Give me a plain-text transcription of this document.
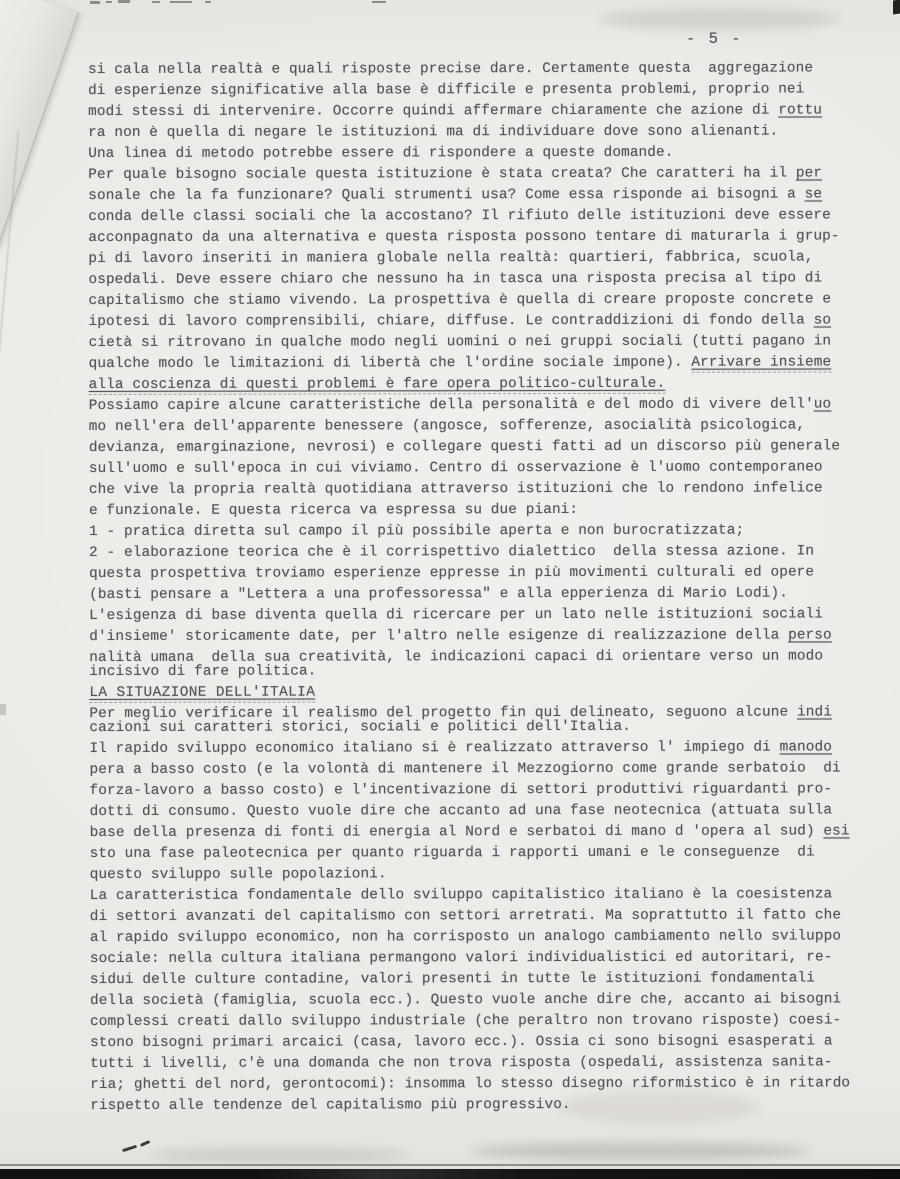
- 5 -
si cala nella realtà e quali risposte precise dare. Certamente questa  aggregazione
di esperienze significative alla base è difficile e presenta problemi, proprio nei
modi stessi di intervenire. Occorre quindi affermare chiaramente che azione di rottu
ra non è quella di negare le istituzioni ma di individuare dove sono alienanti.
Una linea di metodo potrebbe essere di rispondere a queste domande.
Per quale bisogno sociale questa istituzione è stata creata? Che caratteri ha il per
sonale che la fa funzionare? Quali strumenti usa? Come essa risponde ai bisogni a se
conda delle classi sociali che la accostano? Il rifiuto delle istituzioni deve essere
acconpagnato da una alternativa e questa risposta possono tentare di maturarla i grup-
pi di lavoro inseriti in maniera globale nella realtà: quartieri, fabbrica, scuola,
ospedali. Deve essere chiaro che nessuno ha in tasca una risposta precisa al tipo di
capitalismo che stiamo vivendo. La prospettiva è quella di creare proposte concrete e
ipotesi di lavoro comprensibili, chiare, diffuse. Le contraddizioni di fondo della so
cietà si ritrovano in qualche modo negli uomini o nei gruppi sociali (tutti pagano in
qualche modo le limitazioni di libertà che l'ordine sociale impone). Arrivare insieme
alla coscienza di questi problemi è fare opera politico-culturale.
Possiamo capire alcune caratteristiche della personalità e del modo di vivere dell'uo
mo nell'era dell'apparente benessere (angosce, sofferenze, asocialità psicologica,
devianza, emarginazione, nevrosi) e collegare questi fatti ad un discorso più generale
sull'uomo e sull'epoca in cui viviamo. Centro di osservazione è l'uomo contemporaneo
che vive la propria realtà quotidiana attraverso istituzioni che lo rendono infelice
e funzionale. E questa ricerca va espressa su due piani:
1 - pratica diretta sul campo il più possibile aperta e non burocratizzata;
2 - elaborazione teorica che è il corrispettivo dialettico  della stessa azione. In
questa prospettiva troviamo esperienze eppresse in più movimenti culturali ed opere
(basti pensare a "Lettera a una professoressa" e alla epperienza di Mario Lodi).
L'esigenza di base diventa quella di ricercare per un lato nelle istituzioni sociali
d'insieme' storicamente date, per l'altro nelle esigenze di realizzazione della perso
nalità umana  della sua creatività, le indicazioni capaci di orientare verso un modo
incisivo di fare politica.
LA SITUAZIONE DELL'ITALIA
Per meglio verificare il realismo del progetto fin qui delineato, seguono alcune indi
cazioni sui caratteri storici, sociali e politici dell'Italia.
Il rapido sviluppo economico italiano si è realizzato attraverso l' impiego di manodo
pera a basso costo (e la volontà di mantenere il Mezzogiorno come grande serbatoio  di
forza-lavoro a basso costo) e l'incentivazione di settori produttivi riguardanti pro-
dotti di consumo. Questo vuole dire che accanto ad una fase neotecnica (attuata sulla
base della presenza di fonti di energia al Nord e serbatoi di mano d 'opera al sud) esi
sto una fase paleotecnica per quanto riguarda i rapporti umani e le conseguenze  di
questo sviluppo sulle popolazioni.
La caratteristica fondamentale dello sviluppo capitalistico italiano è la coesistenza
di settori avanzati del capitalismo con settori arretrati. Ma soprattutto il fatto che
al rapido sviluppo economico, non ha corrisposto un analogo cambiamento nello sviluppo
sociale: nella cultura italiana permangono valori individualistici ed autoritari, re-
sidui delle culture contadine, valori presenti in tutte le istituzioni fondamentali
della società (famiglia, scuola ecc.). Questo vuole anche dire che, accanto ai bisogni
complessi creati dallo sviluppo industriale (che peraltro non trovano risposte) coesi-
stono bisogni primari arcaici (casa, lavoro ecc.). Ossia ci sono bisogni esasperati a
tutti i livelli, c'è una domanda che non trova risposta (ospedali, assistenza sanita-
ria; ghetti del nord, gerontocomi): insomma lo stesso disegno riformistico è in ritardo
rispetto alle tendenze del capitalismo più progressivo.
